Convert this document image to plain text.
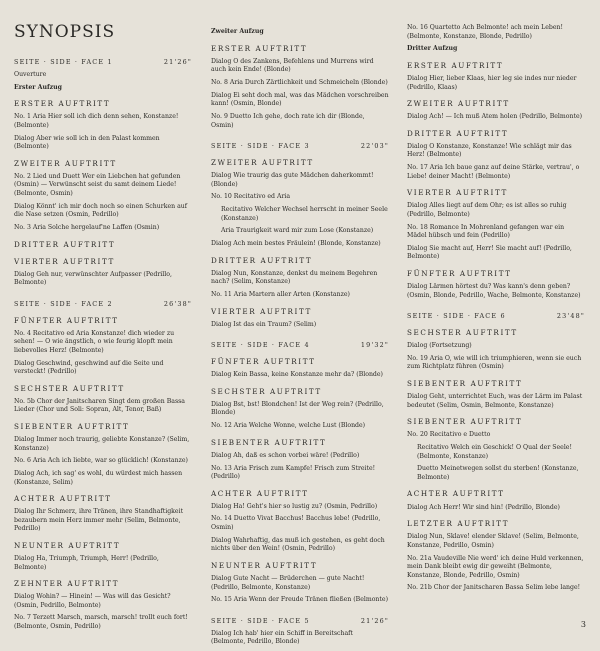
SYNOPSIS
SEITE · SIDE · FACE 1	21'26"
Ouverture
Erster Aufzug
ERSTER AUFTRITT
No. 1 Aria Hier soll ich dich denn sehen, Konstanze! (Belmonte)
Dialog Aber wie soll ich in den Palast kommen (Belmonte)
ZWEITER AUFTRITT
No. 2 Lied und Duett Wer ein Liebchen hat gefunden (Osmin) — Verwünscht seist du samt deinem Liede! (Belmonte, Osmin)
Dialog Könnt' ich mir doch noch so einen Schurken auf die Nase setzen (Osmin, Pedrillo)
No. 3 Aria Solche hergelauf'ne Laffen (Osmin)
DRITTER AUFTRITT
VIERTER AUFTRITT
Dialog Geh nur, verwünschter Aufpasser (Pedrillo, Belmonte)
SEITE · SIDE · FACE 2	26'38"
FÜNFTER AUFTRITT
No. 4 Recitativo ed Aria Konstanze! dich wieder zu sehen! — O wie ängstlich, o wie feurig klopft mein liebevolles Herz! (Belmonte)
Dialog Geschwind, geschwind auf die Seite und versteckt! (Pedrillo)
SECHSTER AUFTRITT
No. 5b Chor der Janitscharen Singt dem großen Bassa Lieder (Chor und Soli: Sopran, Alt, Tenor, Baß)
SIEBENTER AUFTRITT
Dialog Immer noch traurig, geliebte Konstanze? (Selim, Konstanze)
No. 6 Aria Ach ich liebte, war so glücklich! (Konstanze)
Dialog Ach, ich sag' es wohl, du würdest mich hassen (Konstanze, Selim)
ACHTER AUFTRITT
Dialog Ihr Schmerz, ihre Tränen, ihre Standhaftigkeit bezaubern mein Herz immer mehr (Selim, Belmonte, Pedrillo)
NEUNTER AUFTRITT
Dialog Ha, Triumph, Triumph, Herr! (Pedrillo, Belmonte)
ZEHNTER AUFTRITT
Dialog Wohin? — Hinein! — Was will das Gesicht? (Osmin, Pedrillo, Belmonte)
No. 7 Terzett Marsch, marsch, marsch! trollt euch fort! (Belmonte, Osmin, Pedrillo)
Zweiter Aufzug
ERSTER AUFTRITT
Dialog O des Zankens, Befehlens und Murrens wird auch kein Ende! (Blonde)
No. 8 Aria Durch Zärtlichkeit und Schmeicheln (Blonde)
Dialog Ei seht doch mal, was das Mädchen vorschreiben kann! (Osmin, Blonde)
No. 9 Duetto Ich gehe, doch rate ich dir (Blonde, Osmin)
SEITE · SIDE · FACE 3	22'03"
ZWEITER AUFTRITT
Dialog Wie traurig das gute Mädchen daherkommt! (Blonde)
No. 10 Recitativo ed Aria
Recitativo Welcher Wechsel herrscht in meiner Seele (Konstanze)
Aria Traurigkeit ward mir zum Lose (Konstanze)
Dialog Ach mein bestes Fräulein! (Blonde, Konstanze)
DRITTER AUFTRITT
Dialog Nun, Konstanze, denkst du meinem Begehren nach? (Selim, Konstanze)
No. 11 Aria Martern aller Arten (Konstanze)
VIERTER AUFTRITT
Dialog Ist das ein Traum? (Selim)
SEITE · SIDE · FACE 4	19'32"
FÜNFTER AUFTRITT
Dialog Kein Bassa, keine Konstanze mehr da? (Blonde)
SECHSTER AUFTRITT
Dialog Bst, bst! Blondchen! Ist der Weg rein? (Pedrillo, Blonde)
No. 12 Aria Welche Wonne, welche Lust (Blonde)
SIEBENTER AUFTRITT
Dialog Ah, daß es schon vorbei wäre! (Pedrillo)
No. 13 Aria Frisch zum Kampfe! Frisch zum Streite! (Pedrillo)
ACHTER AUFTRITT
Dialog Ha! Geht's hier so lustig zu? (Osmin, Pedrillo)
No. 14 Duetto Vivat Bacchus! Bacchus lebe! (Pedrillo, Osmin)
Dialog Wahrhaftig, das muß ich gestehen, es geht doch nichts über den Wein! (Osmin, Pedrillo)
NEUNTER AUFTRITT
Dialog Gute Nacht — Brüderchen — gute Nacht! (Pedrillo, Belmonte, Konstanze)
No. 15 Aria Wenn der Freude Tränen fließen (Belmonte)
SEITE · SIDE · FACE 5	21'26"
Dialog Ich hab' hier ein Schiff in Bereitschaft (Belmonte, Pedrillo, Blonde)
No. 16 Quartetto Ach Belmonte! ach mein Leben! (Belmonte, Konstanze, Blonde, Pedrillo)
Dritter Aufzug
ERSTER AUFTRITT
Dialog Hier, lieber Klaas, hier leg sie indes nur nieder (Pedrillo, Klaas)
ZWEITER AUFTRITT
Dialog Ach! — Ich muß Atem holen (Pedrillo, Belmonte)
DRITTER AUFTRITT
Dialog O Konstanze, Konstanze! Wie schlägt mir das Herz! (Belmonte)
No. 17 Aria Ich baue ganz auf deine Stärke, vertrau', o Liebe! deiner Macht! (Belmonte)
VIERTER AUFTRITT
Dialog Alles liegt auf dem Ohr; es ist alles so ruhig (Pedrillo, Belmonte)
No. 18 Romance In Mohrenland gefangen war ein Mädel hübsch und fein (Pedrillo)
Dialog Sie macht auf, Herr! Sie macht auf! (Pedrillo, Belmonte)
FÜNFTER AUFTRITT
Dialog Lärmen hörtest du? Was kann's denn geben? (Osmin, Blonde, Pedrillo, Wache, Belmonte, Konstanze)
SEITE · SIDE · FACE 6	23'48"
SECHSTER AUFTRITT
Dialog (Fortsetzung)
No. 19 Aria O, wie will ich triumphieren, wenn sie euch zum Richtplatz führen (Osmin)
SIEBENTER AUFTRITT
Dialog Geht, unterrichtet Euch, was der Lärm im Palast bedeutet (Selim, Osmin, Belmonte, Konstanze)
SIEBENTER AUFTRITT
No. 20 Recitativo e Duetto
Recitativo Welch ein Geschick! O Qual der Seele! (Belmonte, Konstanze)
Duetto Meinetwegen sollst du sterben! (Konstanze, Belmonte)
ACHTER AUFTRITT
Dialog Ach Herr! Wir sind hin! (Pedrillo, Blonde)
LETZTER AUFTRITT
Dialog Nun, Sklave! elender Sklave! (Selim, Belmonte, Konstanze, Pedrillo, Osmin)
No. 21a Vaudeville Nie werd' ich deine Huld verkennen, mein Dank bleibt ewig dir geweiht (Belmonte, Konstanze, Blonde, Pedrillo, Osmin)
No. 21b Chor der Janitscharen Bassa Selim lebe lange!
3
